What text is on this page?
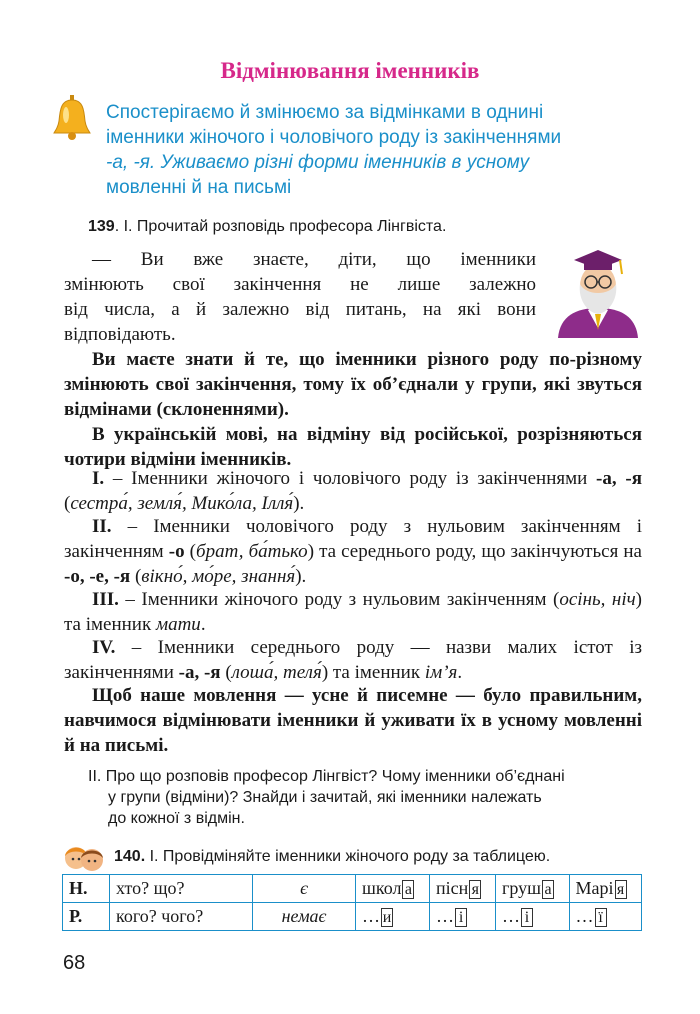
Відмінювання іменників
Спостерігаємо й змінюємо за відмінками в однині
іменники жіночого і чоловічого роду із закінченнями
-а, -я. Уживаємо різні форми іменників в усному
мовленні й на письмі
139. І. Прочитай розповідь професора Лінгвіста.
— Ви вже знаєте, діти, що іменники
змінюють свої закінчення не лише залежно
від числа, а й залежно від питань, на які вони
відповідають.
Ви маєте знати й те, що іменники різного роду по-різному змінюють свої закінчення, тому їх об’єднали у групи, які звуться відмінами (склоненнями).
В українській мові, на відміну від російської, розрізняються чотири відміни іменників.
І. – Іменники жіночого і чоловічого роду із закінченнями -а, -я (сестра́, земля́, Мико́ла, Ілля́).
ІІ. – Іменники чоловічого роду з нульовим закінченням і закінченням -о (брат, ба́тько) та середнього роду, що закінчуються на -о, -е, -я (вікно́, мо́ре, знання́).
ІІІ. – Іменники жіночого роду з нульовим закінченням (осінь, ніч) та іменник мати.
ІV. – Іменники середнього роду — назви малих істот із закінченнями -а, -я (лоша́, теля́) та іменник ім’я.
Щоб наше мовлення — усне й писемне — було правильним, навчимося відмінювати іменники й уживати їх в усному мовленні й на письмі.
ІІ. Про що розповів професор Лінгвіст? Чому іменники об’єднані
у групи (відміни)? Знайди і зачитай, які іменники належать
до кожної з відмін.
140. І. Провідміняйте іменники жіночого роду за таблицею.
Н.	хто? що?	є	школ а	пісн я	груш а	Марі я
Р.	кого? чого?	немає	… и	… і	… і	… ї
68
